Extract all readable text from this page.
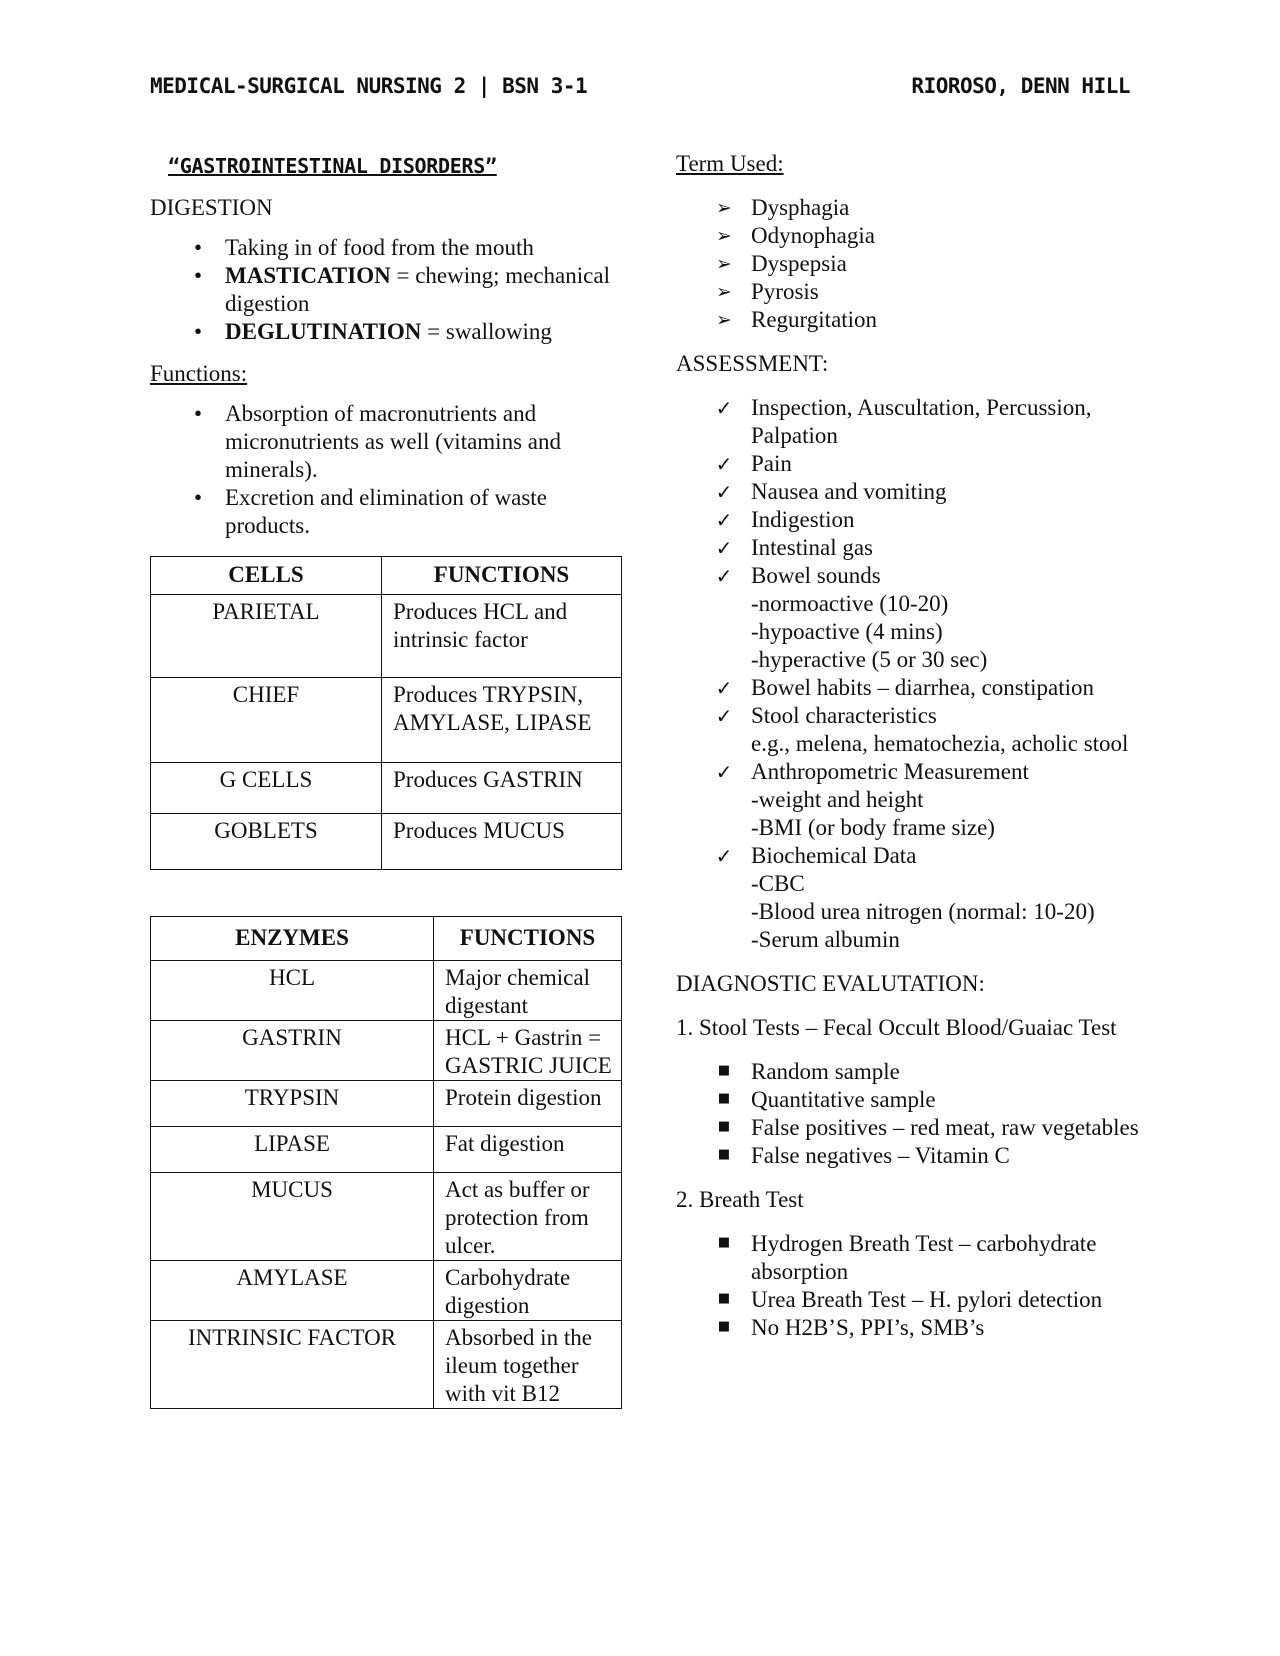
MEDICAL-SURGICAL NURSING 2 | BSN 3-1	RIOROSO, DENN HILL
“GASTROINTESTINAL DISORDERS”
DIGESTION
• Taking in of food from the mouth
• MASTICATION = chewing; mechanical digestion
• DEGLUTINATION = swallowing
Functions:
• Absorption of macronutrients and micronutrients as well (vitamins and minerals).
• Excretion and elimination of waste products.
CELLS	FUNCTIONS
PARIETAL	Produces HCL and intrinsic factor
CHIEF	Produces TRYPSIN, AMYLASE, LIPASE
G CELLS	Produces GASTRIN
GOBLETS	Produces MUCUS
ENZYMES	FUNCTIONS
HCL	Major chemical digestant
GASTRIN	HCL + Gastrin = GASTRIC JUICE
TRYPSIN	Protein digestion
LIPASE	Fat digestion
MUCUS	Act as buffer or protection from ulcer.
AMYLASE	Carbohydrate digestion
INTRINSIC FACTOR	Absorbed in the ileum together with vit B12
Term Used:
➢ Dysphagia
➢ Odynophagia
➢ Dyspepsia
➢ Pyrosis
➢ Regurgitation
ASSESSMENT:
✓ Inspection, Auscultation, Percussion, Palpation
✓ Pain
✓ Nausea and vomiting
✓ Indigestion
✓ Intestinal gas
✓ Bowel sounds
-normoactive (10-20)
-hypoactive (4 mins)
-hyperactive (5 or 30 sec)
✓ Bowel habits – diarrhea, constipation
✓ Stool characteristics
e.g., melena, hematochezia, acholic stool
✓ Anthropometric Measurement
-weight and height
-BMI (or body frame size)
✓ Biochemical Data
-CBC
-Blood urea nitrogen (normal: 10-20)
-Serum albumin
DIAGNOSTIC EVALUTATION:
1. Stool Tests – Fecal Occult Blood/Guaiac Test
■ Random sample
■ Quantitative sample
■ False positives – red meat, raw vegetables
■ False negatives – Vitamin C
2. Breath Test
■ Hydrogen Breath Test – carbohydrate absorption
■ Urea Breath Test – H. pylori detection
■ No H2B’S, PPI’s, SMB’s
